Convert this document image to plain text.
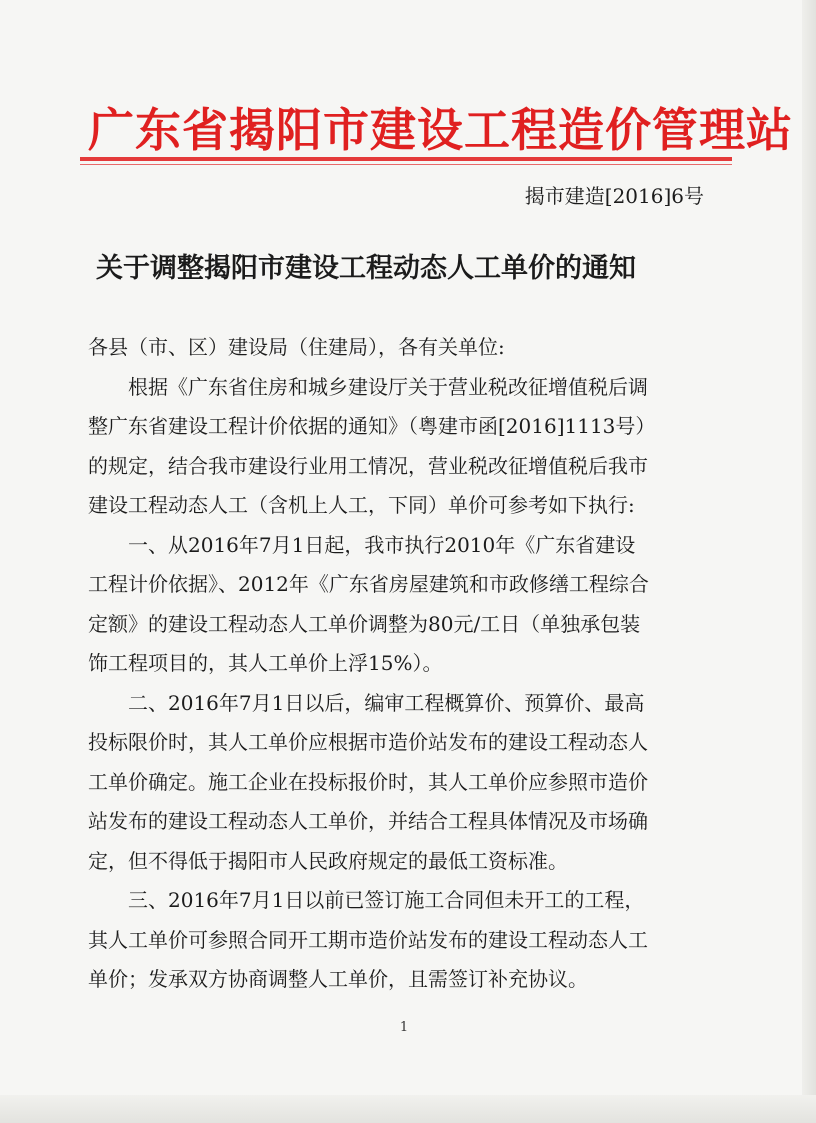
广东省揭阳市建设工程造价管理站
揭市建造[2016]6号
关于调整揭阳市建设工程动态人工单价的通知

各县（市、区）建设局（住建局），各有关单位:

根据《广东省住房和城乡建设厅关于营业税改征增值税后调

整广东省建设工程计价依据的通知》（粤建市函[2016]1113号）

的规定，结合我市建设行业用工情况，营业税改征增值税后我市

建设工程动态人工（含机上人工，下同）单价可参考如下执行:

一、从2016年7月1日起，我市执行2010年《广东省建设

工程计价依据》、2012年《广东省房屋建筑和市政修缮工程综合

定额》的建设工程动态人工单价调整为80元/工日（单独承包装

饰工程项目的，其人工单价上浮15%）。

二、2016年7月1日以后，编审工程概算价、预算价、最高

投标限价时，其人工单价应根据市造价站发布的建设工程动态人

工单价确定。施工企业在投标报价时，其人工单价应参照市造价

站发布的建设工程动态人工单价，并结合工程具体情况及市场确

定，但不得低于揭阳市人民政府规定的最低工资标准。

三、2016年7月1日以前已签订施工合同但未开工的工程，

其人工单价可参照合同开工期市造价站发布的建设工程动态人工

单价；发承双方协商调整人工单价，且需签订补充协议。

1
